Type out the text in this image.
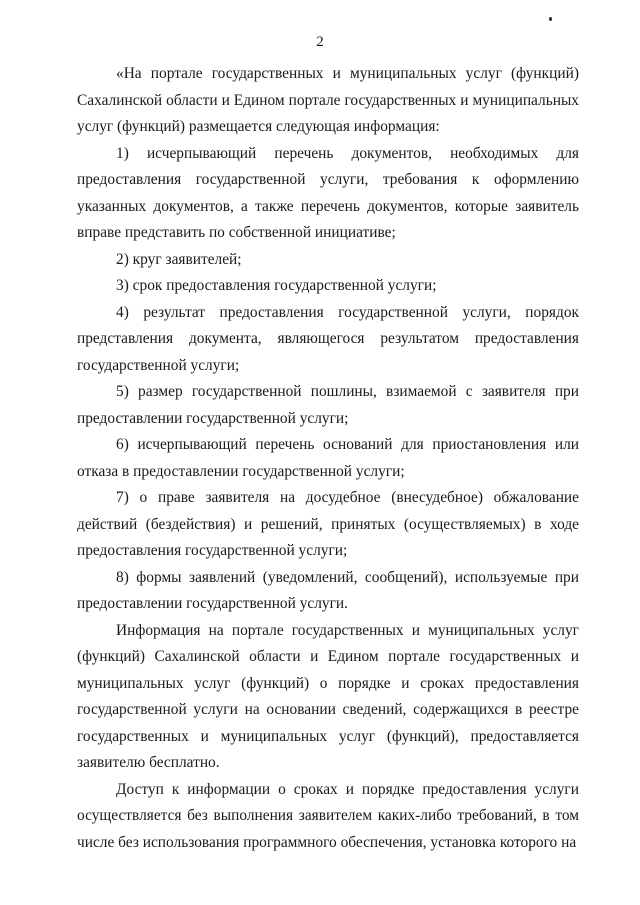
2

«На портале государственных и муниципальных услуг (функций) Сахалинской области и Едином портале государственных и муниципальных услуг (функций) размещается следующая информация:

1) исчерпывающий перечень документов, необходимых для предоставления государственной услуги, требования к оформлению указанных документов, а также перечень документов, которые заявитель вправе представить по собственной инициативе;

2) круг заявителей;

3) срок предоставления государственной услуги;

4) результат предоставления государственной услуги, порядок представления документа, являющегося результатом предоставления государственной услуги;

5) размер государственной пошлины, взимаемой с заявителя при предоставлении государственной услуги;

6) исчерпывающий перечень оснований для приостановления или отказа в предоставлении государственной услуги;

7) о праве заявителя на досудебное (внесудебное) обжалование действий (бездействия) и решений, принятых (осуществляемых) в ходе предоставления государственной услуги;

8) формы заявлений (уведомлений, сообщений), используемые при предоставлении государственной услуги.

Информация на портале государственных и муниципальных услуг (функций) Сахалинской области и Едином портале государственных и муниципальных услуг (функций) о порядке и сроках предоставления государственной услуги на основании сведений, содержащихся в реестре государственных и муниципальных услуг (функций), предоставляется заявителю бесплатно.

Доступ к информации о сроках и порядке предоставления услуги осуществляется без выполнения заявителем каких-либо требований, в том числе без использования программного обеспечения, установка которого на
